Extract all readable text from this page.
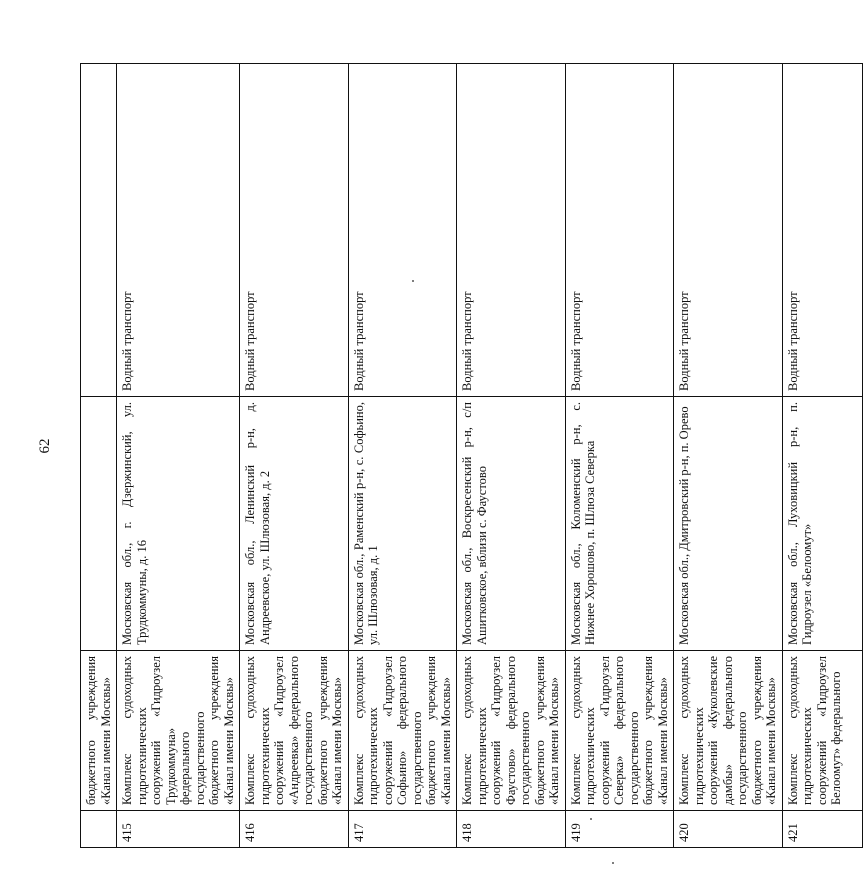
62
	бюджетного учреждения «Канал имени Москвы»		
415	Комплекс судоходных гидротехнических сооружений «Гидроузел Трудкоммуна» федерального государственного бюджетного учреждения «Канал имени Москвы»	Московская обл., г. Дзержинский, ул. Трудкоммуны, д. 16	Водный транспорт
416	Комплекс судоходных гидротехнических сооружений «Гидроузел «Андреевка» федерального государственного бюджетного учреждения «Канал имени Москвы»	Московская обл., Ленинский р-н, д. Андреевское, ул. Шлюзовая, д. 2	Водный транспорт
417	Комплекс судоходных гидротехнических сооружений «Гидроузел Софьино» федерального государственного бюджетного учреждения «Канал имени Москвы»	Московская обл., Раменский р-н, с. Софьино, ул. Шлюзовая, д. 1	Водный транспорт
418	Комплекс судоходных гидротехнических сооружений «Гидроузел Фаустово» федерального государственного бюджетного учреждения «Канал имени Москвы»	Московская обл., Воскресенский р-н, с/п Ашитковское, вблизи с. Фаустово	Водный транспорт
419	Комплекс судоходных гидротехнических сооружений «Гидроузел Северка» федерального государственного бюджетного учреждения «Канал имени Москвы»	Московская обл., Коломенский р-н, с. Нижнее Хорошово, п. Шлюза Северка	Водный транспорт
420	Комплекс судоходных гидротехнических сооружений «Куколевские дамбы» федерального государственного бюджетного учреждения «Канал имени Москвы»	Московская обл., Дмитровский р-н, п. Орево	Водный транспорт
421	Комплекс судоходных гидротехнических сооружений «Гидроузел Белоомут» федерального	Московская обл., Луховицкий р-н, п. Гидроузел «Белоомут»	Водный транспорт
